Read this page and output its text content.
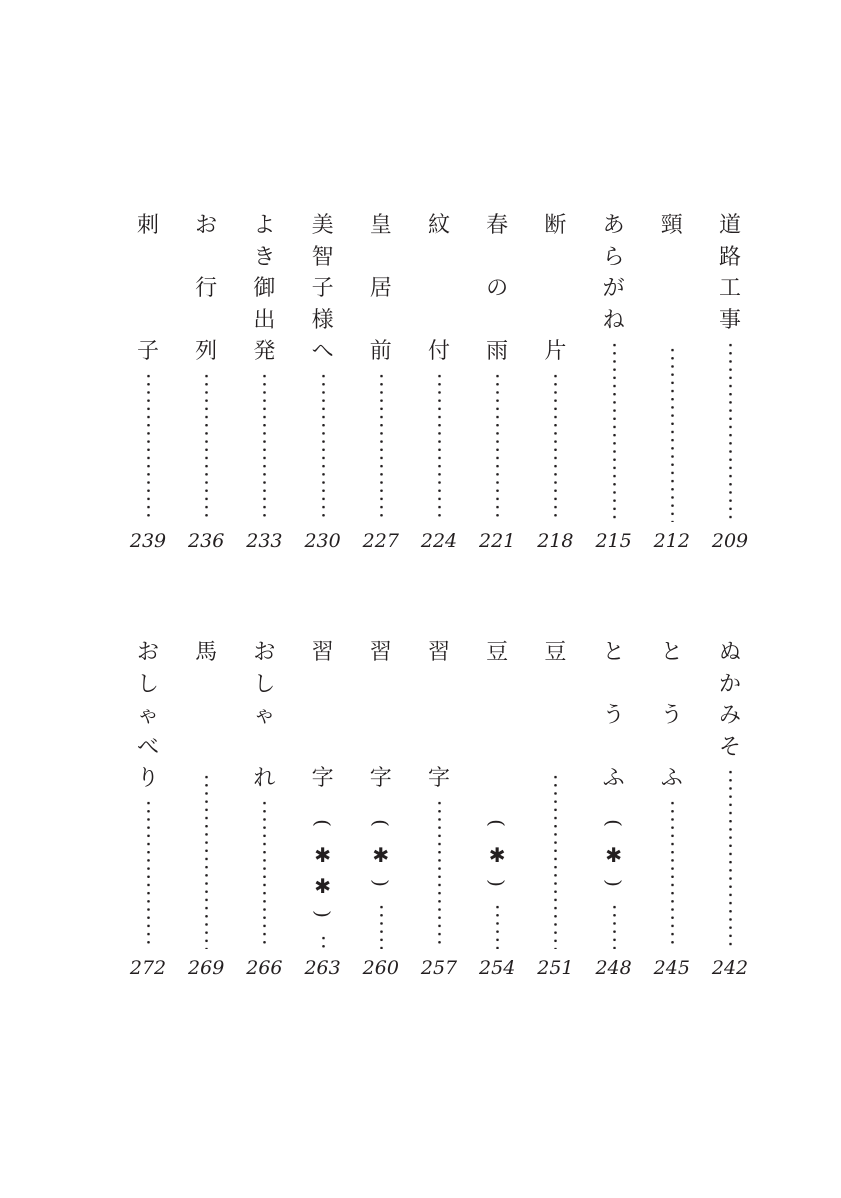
道
路
工
事
209
頸
212
あ
ら
が
ね
215
断
片
218
春
の
雨
221
紋
付
224
皇
居
前
227
美
智
子
様
へ
230
よ
き
御
出
発
233
お
行
列
236
刺
子
239
ぬ
か
み
そ
242
と
う
ふ
245
と
う
ふ
(
✱
)
248
豆
251
豆
(
✱
)
254
習
字
257
習
字
(
✱
)
260
習
字
(
✱
✱
)
263
お
し
ゃ
れ
266
馬
269
お
し
ゃ
べ
り
272
